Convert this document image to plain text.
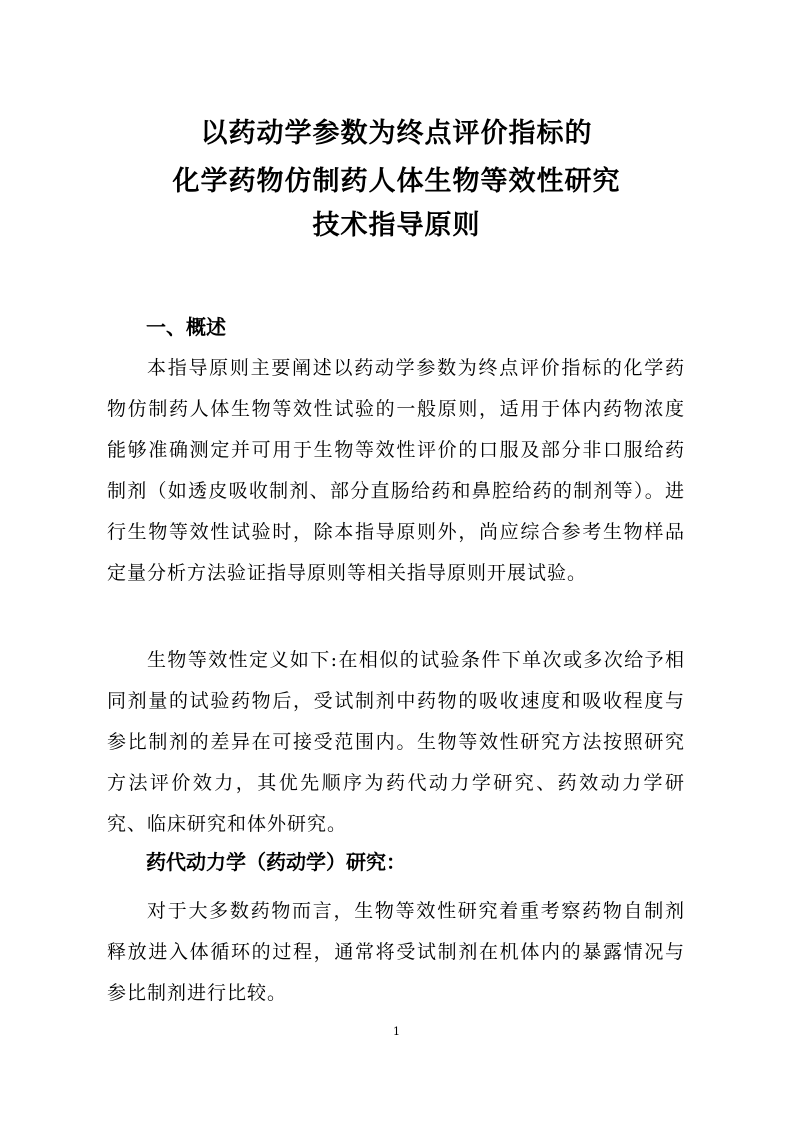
以药动学参数为终点评价指标的
化学药物仿制药人体生物等效性研究
技术指导原则
一、概述

本指导原则主要阐述以药动学参数为终点评价指标的化学药物仿制药人体生物等效性试验的一般原则，适用于体内药物浓度能够准确测定并可用于生物等效性评价的口服及部分非口服给药制剂（如透皮吸收制剂、部分直肠给药和鼻腔给药的制剂等）。进行生物等效性试验时，除本指导原则外，尚应综合参考生物样品定量分析方法验证指导原则等相关指导原则开展试验。

生物等效性定义如下:在相似的试验条件下单次或多次给予相同剂量的试验药物后，受试制剂中药物的吸收速度和吸收程度与参比制剂的差异在可接受范围内。生物等效性研究方法按照研究方法评价效力，其优先顺序为药代动力学研究、药效动力学研究、临床研究和体外研究。

药代动力学（药动学）研究：

对于大多数药物而言，生物等效性研究着重考察药物自制剂释放进入体循环的过程，通常将受试制剂在机体内的暴露情况与参比制剂进行比较。

1
